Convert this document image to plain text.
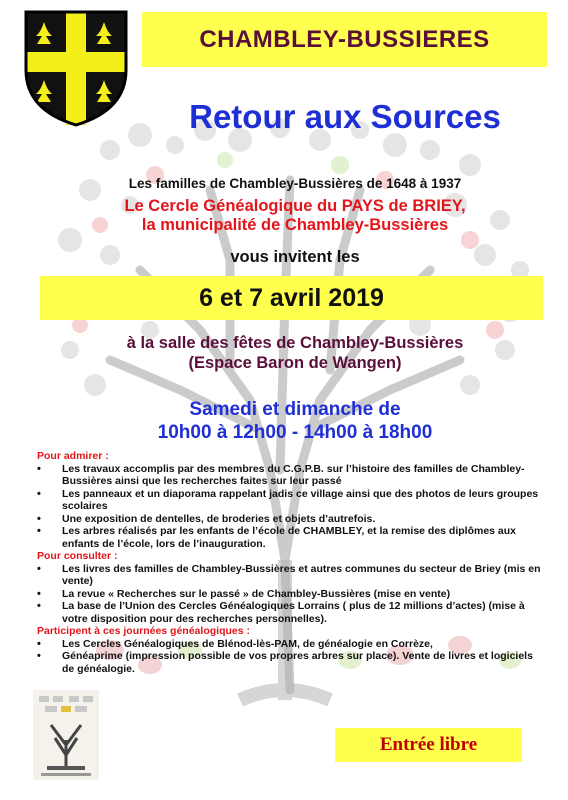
CHAMBLEY-BUSSIERES
Retour aux Sources
Les familles de Chambley-Bussières de 1648 à 1937
Le Cercle Généalogique du PAYS de BRIEY,
la municipalité de Chambley-Bussières
vous invitent les
6 et 7 avril 2019
à la salle des fêtes de Chambley-Bussières
(Espace Baron de Wangen)
Samedi et dimanche de
10h00 à 12h00 - 14h00 à 18h00
Pour admirer :
• Les travaux accomplis par des membres du C.G.P.B. sur l’histoire des familles de Chambley-Bussières ainsi que les recherches faites sur leur passé
• Les panneaux et un diaporama rappelant jadis ce village ainsi que des photos de leurs groupes scolaires
• Une exposition de dentelles, de broderies et objets d’autrefois.
• Les arbres réalisés par les enfants de l’école de CHAMBLEY, et la remise des diplômes aux enfants de l’école, lors de l’inauguration.
Pour consulter :
• Les livres des familles de Chambley-Bussières et autres communes du secteur de Briey (mis en vente)
• La revue « Recherches sur le passé » de Chambley-Bussières (mise en vente)
• La base de l’Union des Cercles Généalogiques Lorrains ( plus de 12 millions d’actes) (mise à votre disposition pour des recherches personnelles).
Participent à ces journées généalogiques :
• Les Cercles Généalogiques de Blénod-lès-PAM, de généalogie en Corrèze,
• Généaprime (impression possible de vos propres arbres sur place). Vente de livres et logiciels de généalogie.
Entrée libre
